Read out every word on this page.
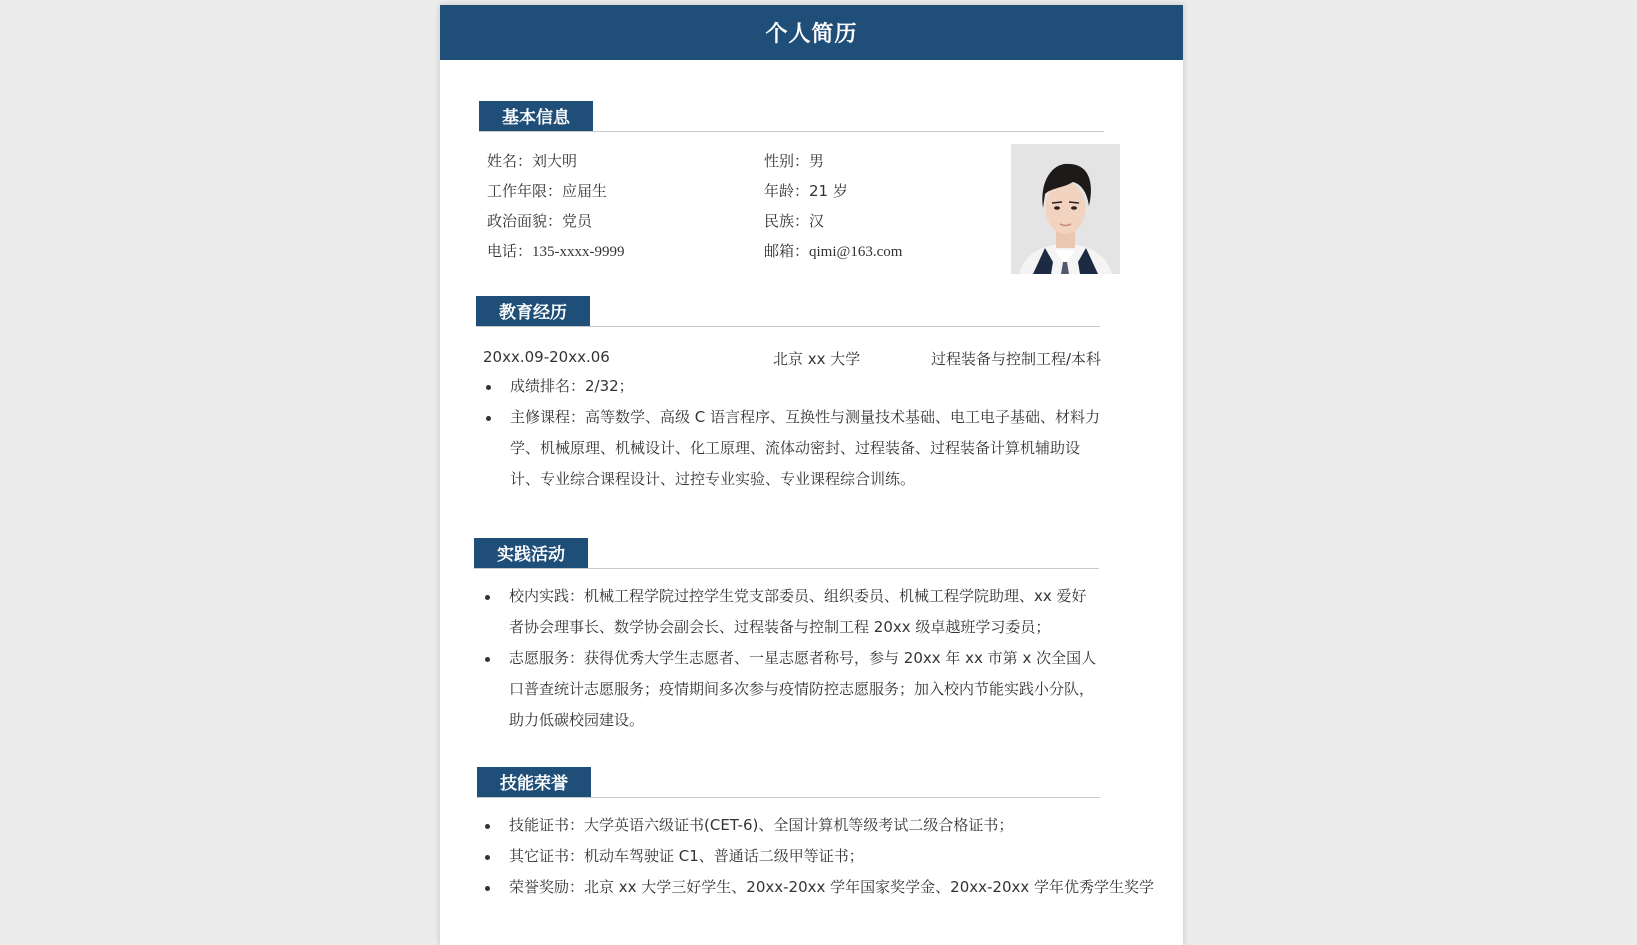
个人简历
基本信息
姓名：刘大明
工作年限：应届生
政治面貌：党员
电话：135-xxxx-9999
性别：男
年龄：21 岁
民族：汉
邮箱：qimi@163.com
教育经历
20xx.09-20xx.06	北京 xx 大学	过程装备与控制工程/本科
成绩排名：2/32；
主修课程：高等数学、高级 C 语言程序、互换性与测量技术基础、电工电子基础、材料力学、机械原理、机械设计、化工原理、流体动密封、过程装备、过程装备计算机辅助设计、专业综合课程设计、过控专业实验、专业课程综合训练。
实践活动
校内实践：机械工程学院过控学生党支部委员、组织委员、机械工程学院助理、xx 爱好者协会理事长、数学协会副会长、过程装备与控制工程 20xx 级卓越班学习委员；
志愿服务：获得优秀大学生志愿者、一星志愿者称号，参与 20xx 年 xx 市第 x 次全国人口普查统计志愿服务；疫情期间多次参与疫情防控志愿服务；加入校内节能实践小分队，助力低碳校园建设。
技能荣誉
技能证书：大学英语六级证书(CET-6)、全国计算机等级考试二级合格证书；
其它证书：机动车驾驶证 C1、普通话二级甲等证书；
荣誉奖励：北京 xx 大学三好学生、20xx-20xx 学年国家奖学金、20xx-20xx 学年优秀学生奖学
